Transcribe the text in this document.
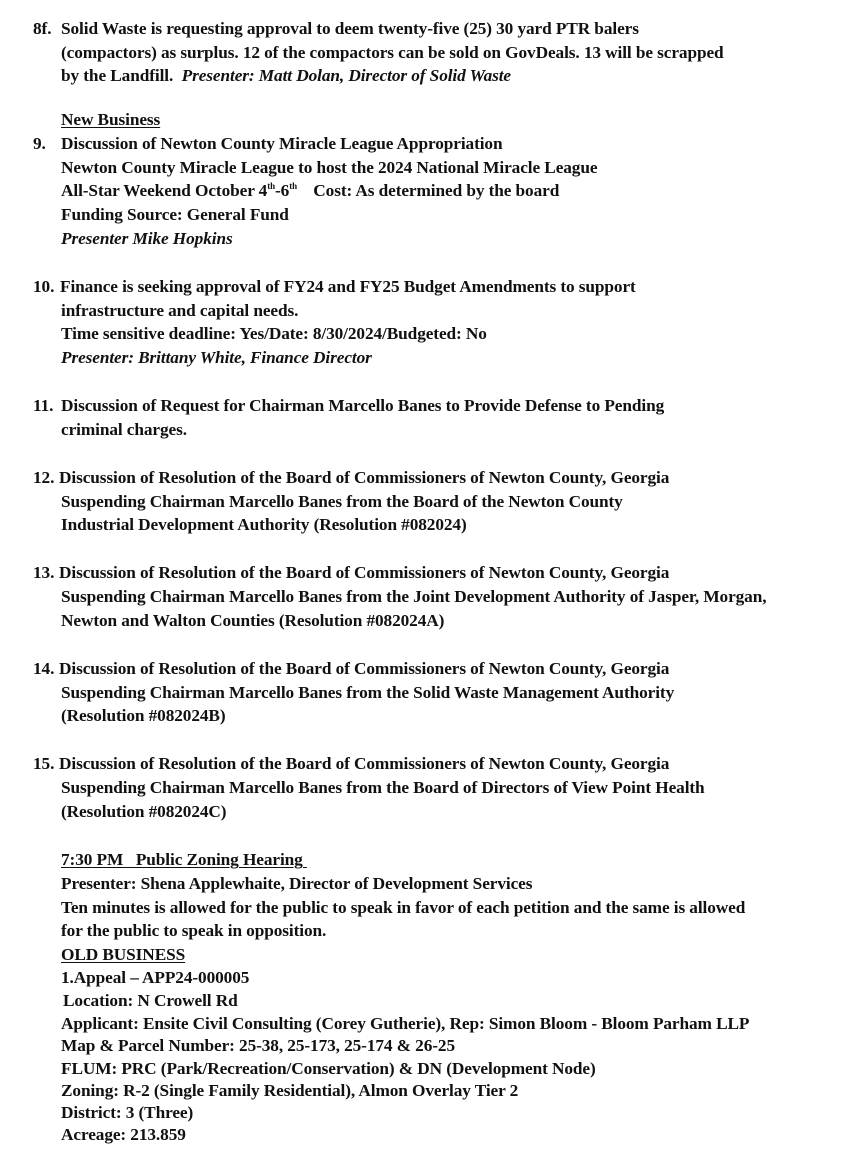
8f. Solid Waste is requesting approval to deem twenty-five (25) 30 yard PTR balers
(compactors) as surplus. 12 of the compactors can be sold on GovDeals. 13 will be scrapped
by the Landfill. Presenter: Matt Dolan, Director of Solid Waste
New Business
9. Discussion of Newton County Miracle League Appropriation
Newton County Miracle League to host the 2024 National Miracle League
All-Star Weekend October 4th-6th Cost: As determined by the board
Funding Source: General Fund
Presenter Mike Hopkins
10. Finance is seeking approval of FY24 and FY25 Budget Amendments to support
infrastructure and capital needs.
Time sensitive deadline: Yes/Date: 8/30/2024/Budgeted: No
Presenter: Brittany White, Finance Director
11. Discussion of Request for Chairman Marcello Banes to Provide Defense to Pending
criminal charges.
12. Discussion of Resolution of the Board of Commissioners of Newton County, Georgia
Suspending Chairman Marcello Banes from the Board of the Newton County
Industrial Development Authority (Resolution #082024)
13. Discussion of Resolution of the Board of Commissioners of Newton County, Georgia
Suspending Chairman Marcello Banes from the Joint Development Authority of Jasper, Morgan,
Newton and Walton Counties (Resolution #082024A)
14. Discussion of Resolution of the Board of Commissioners of Newton County, Georgia
Suspending Chairman Marcello Banes from the Solid Waste Management Authority
(Resolution #082024B)
15. Discussion of Resolution of the Board of Commissioners of Newton County, Georgia
Suspending Chairman Marcello Banes from the Board of Directors of View Point Health
(Resolution #082024C)
7:30 PM   Public Zoning Hearing
Presenter: Shena Applewhaite, Director of Development Services
Ten minutes is allowed for the public to speak in favor of each petition and the same is allowed
for the public to speak in opposition.
OLD BUSINESS
1.Appeal – APP24-000005
Location: N Crowell Rd
Applicant: Ensite Civil Consulting (Corey Gutherie), Rep: Simon Bloom - Bloom Parham LLP
Map & Parcel Number: 25-38, 25-173, 25-174 & 26-25
FLUM: PRC (Park/Recreation/Conservation) & DN (Development Node)
Zoning: R-2 (Single Family Residential), Almon Overlay Tier 2
District: 3 (Three)
Acreage: 213.859
